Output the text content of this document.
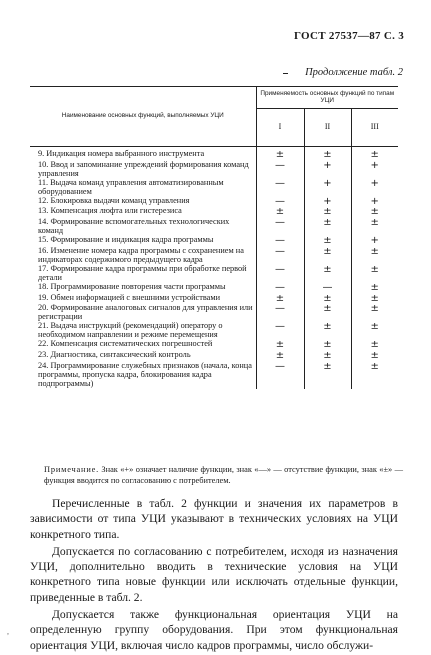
ГОСТ 27537—87 С. 3
Продолжение табл. 2
Наименование основных функций, выполняемых УЦИ	Применяемость основных функций по типам УЦИ		
	I	II	III
9. Индикация номера выбранного инструмента	±	±	±
10. Ввод и запоминание упреждений формирования команд управления	—	+	+
11. Выдача команд управления автоматизированным оборудованием	—	+	+
12. Блокировка выдачи команд управления	—	+	+
13. Компенсация люфта или гистерезиса	±	±	±
14. Формирование вспомогательных технологических команд	—	±	±
15. Формирование и индикация кадра программы	—	±	+
16. Изменение номера кадра программы с сохранением на индикаторах содержимого предыдущего кадра	—	±	±
17. Формирование кадра программы при обработке первой детали	—	±	±
18. Программирование повторения части программы	—	—	±
19. Обмен информацией с внешними устройствами	±	±	±
20. Формирование аналоговых сигналов для управления или регистрации	—	±	±
21. Выдача инструкций (рекомендаций) оператору о необходимом направлении и режиме перемещения	—	±	±
22. Компенсация систематических погрешностей	±	±	±
23. Диагностика, синтаксический контроль	±	±	±
24. Программирование служебных признаков (начала, конца программы, пропуска кадра, блокирования кадра подпрограммы)	—	±	±
Примечание. Знак «+» означает наличие функции, знак «—» — отсутствие функции, знак «±» — функция вводится по согласованию с потребителем.

Перечисленные в табл. 2 функции и значения их параметров в зависимости от типа УЦИ указывают в технических условиях на УЦИ конкретного типа.

Допускается по согласованию с потребителем, исходя из назначения УЦИ, дополнительно вводить в технические условия на УЦИ конкретного типа новые функции или исключать отдельные функции, приведенные в табл. 2.

Допускается также функциональная ориентация УЦИ на определенную группу оборудования. При этом функциональная ориентация УЦИ, включая число кадров программы, число обслужи-

,
